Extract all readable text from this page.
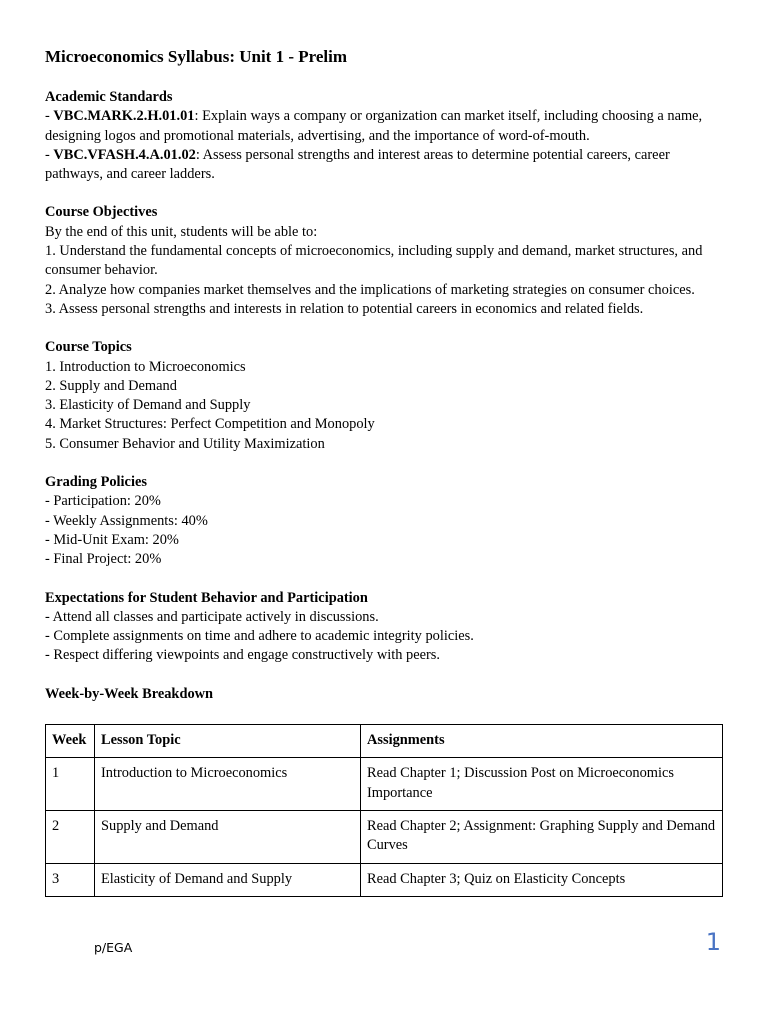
Microeconomics Syllabus: Unit 1 - Prelim
Academic Standards
- VBC.MARK.2.H.01.01: Explain ways a company or organization can market itself, including choosing a name, designing logos and promotional materials, advertising, and the importance of word-of-mouth.
- VBC.VFASH.4.A.01.02: Assess personal strengths and interest areas to determine potential careers, career pathways, and career ladders.
Course Objectives
By the end of this unit, students will be able to:
1. Understand the fundamental concepts of microeconomics, including supply and demand, market structures, and consumer behavior.
2. Analyze how companies market themselves and the implications of marketing strategies on consumer choices.
3. Assess personal strengths and interests in relation to potential careers in economics and related fields.
Course Topics
1. Introduction to Microeconomics
2. Supply and Demand
3. Elasticity of Demand and Supply
4. Market Structures: Perfect Competition and Monopoly
5. Consumer Behavior and Utility Maximization
Grading Policies
- Participation: 20%
- Weekly Assignments: 40%
- Mid-Unit Exam: 20%
- Final Project: 20%
Expectations for Student Behavior and Participation
- Attend all classes and participate actively in discussions.
- Complete assignments on time and adhere to academic integrity policies.
- Respect differing viewpoints and engage constructively with peers.
Week-by-Week Breakdown
Week	Lesson Topic	Assignments
1	Introduction to Microeconomics	Read Chapter 1; Discussion Post on Microeconomics Importance
2	Supply and Demand	Read Chapter 2; Assignment: Graphing Supply and Demand Curves
3	Elasticity of Demand and Supply	Read Chapter 3; Quiz on Elasticity Concepts
p/EGA	1
